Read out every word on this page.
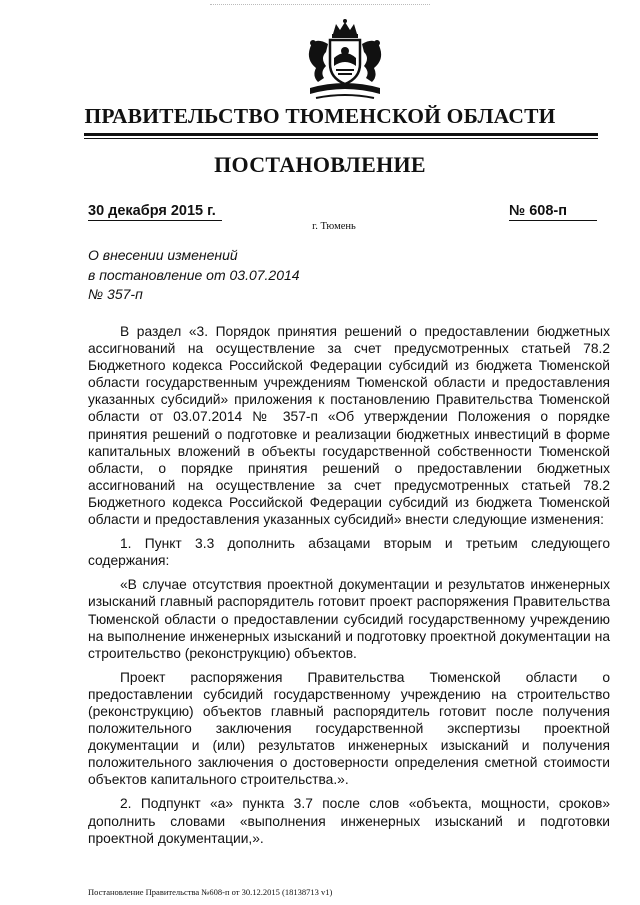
ПРАВИТЕЛЬСТВО ТЮМЕНСКОЙ ОБЛАСТИ
ПОСТАНОВЛЕНИЕ
30 декабря 2015 г.	№ 608-п
г. Тюмень
О внесении изменений
в постановление от 03.07.2014
№ 357-п

В раздел «3. Порядок принятия решений о предоставлении бюджетных ассигнований на осуществление за счет предусмотренных статьей 78.2 Бюджетного кодекса Российской Федерации субсидий из бюджета Тюменской области государственным учреждениям Тюменской области и предоставления указанных субсидий» приложения к постановлению Правительства Тюменской области от 03.07.2014 № 357-п «Об утверждении Положения о порядке принятия решений о подготовке и реализации бюджетных инвестиций в форме капитальных вложений в объекты государственной собственности Тюменской области, о порядке принятия решений о предоставлении бюджетных ассигнований на осуществление за счет предусмотренных статьей 78.2 Бюджетного кодекса Российской Федерации субсидий из бюджета Тюменской области и предоставления указанных субсидий» внести следующие изменения:

1. Пункт 3.3 дополнить абзацами вторым и третьим следующего содержания:

«В случае отсутствия проектной документации и результатов инженерных изысканий главный распорядитель готовит проект распоряжения Правительства Тюменской области о предоставлении субсидий государственному учреждению на выполнение инженерных изысканий и подготовку проектной документации на строительство (реконструкцию) объектов.

Проект распоряжения Правительства Тюменской области о предоставлении субсидий государственному учреждению на строительство (реконструкцию) объектов главный распорядитель готовит после получения положительного заключения государственной экспертизы проектной документации и (или) результатов инженерных изысканий и получения положительного заключения о достоверности определения сметной стоимости объектов капитального строительства.».

2. Подпункт «а» пункта 3.7 после слов «объекта, мощности, сроков» дополнить словами «выполнения инженерных изысканий и подготовки проектной документации,».

Постановление Правительства №608-п от 30.12.2015 (18138713 v1)
